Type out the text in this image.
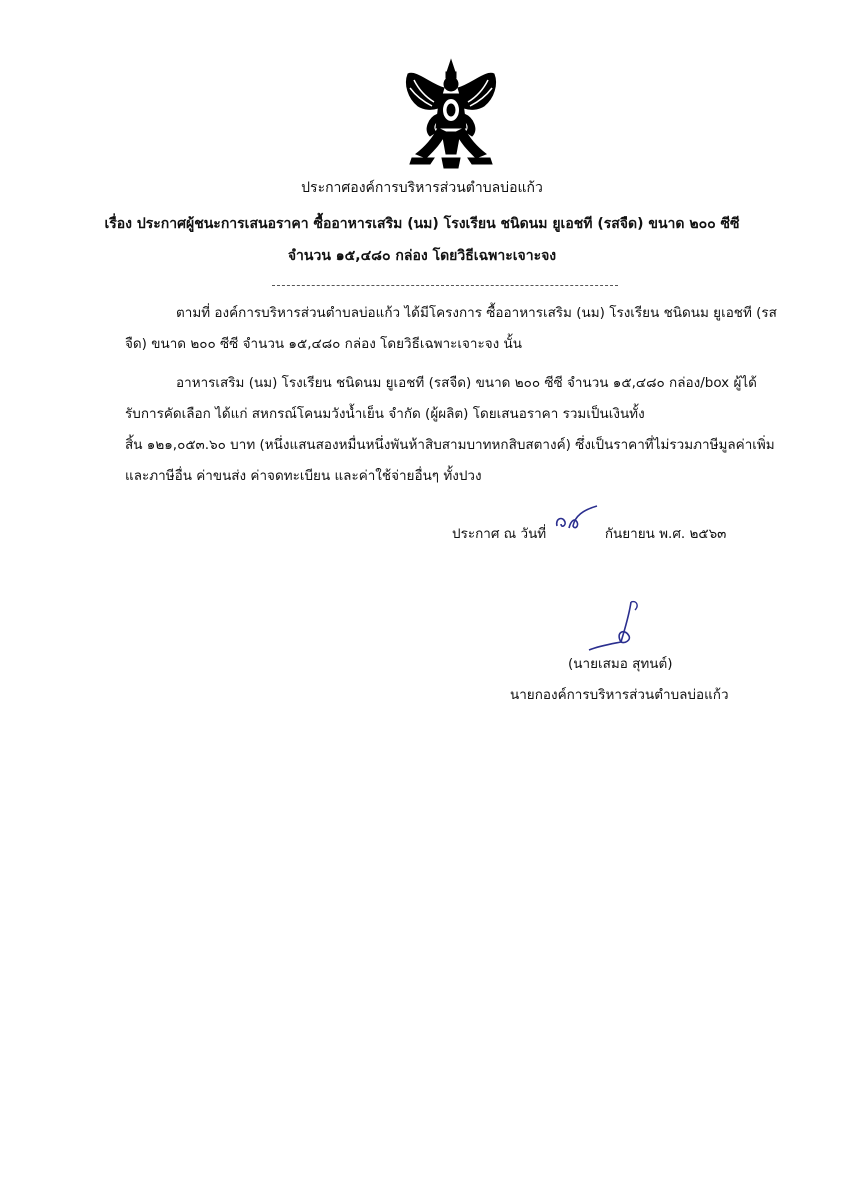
ประกาศองค์การบริหารส่วนตำบลบ่อแก้ว
เรื่อง ประกาศผู้ชนะการเสนอราคา ซื้ออาหารเสริม (นม) โรงเรียน ชนิดนม ยูเอชที (รสจืด) ขนาด ๒๐๐ ซีซี
จำนวน ๑๕,๔๘๐ กล่อง โดยวิธีเฉพาะเจาะจง
ตามที่ องค์การบริหารส่วนตำบลบ่อแก้ว ได้มีโครงการ ซื้ออาหารเสริม (นม) โรงเรียน ชนิดนม ยูเอชที (รส
จืด) ขนาด ๒๐๐ ซีซี จำนวน ๑๕,๔๘๐ กล่อง โดยวิธีเฉพาะเจาะจง นั้น
อาหารเสริม (นม) โรงเรียน ชนิดนม ยูเอชที (รสจืด) ขนาด ๒๐๐ ซีซี จำนวน ๑๕,๔๘๐ กล่อง/box ผู้ได้
รับการคัดเลือก ได้แก่ สหกรณ์โคนมวังน้ำเย็น จำกัด (ผู้ผลิต) โดยเสนอราคา รวมเป็นเงินทั้ง
สิ้น ๑๒๑,๐๕๓.๖๐ บาท (หนึ่งแสนสองหมื่นหนึ่งพันห้าสิบสามบาทหกสิบสตางค์) ซึ่งเป็นราคาที่ไม่รวมภาษีมูลค่าเพิ่ม
และภาษีอื่น ค่าขนส่ง ค่าจดทะเบียน และค่าใช้จ่ายอื่นๆ ทั้งปวง
ประกาศ ณ วันที่	กันยายน พ.ศ. ๒๕๖๓
(นายเสมอ สุทนต์)
นายกองค์การบริหารส่วนตำบลบ่อแก้ว
